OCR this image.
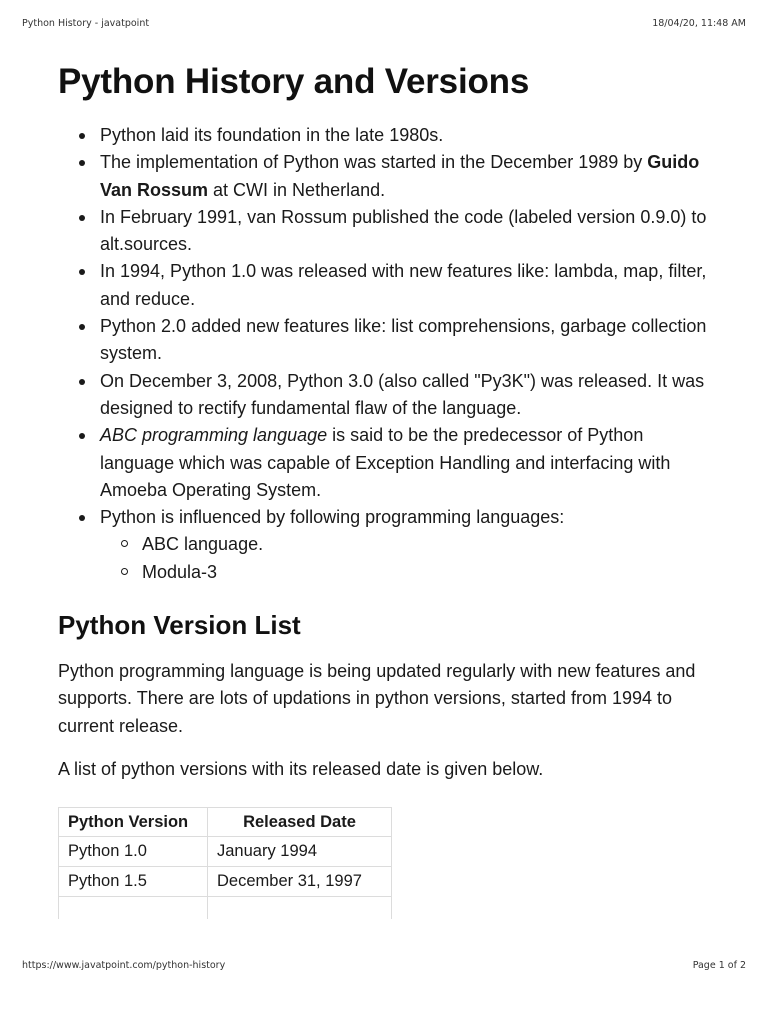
Python History - javatpoint	18/04/20, 11:48 AM
Python History and Versions
Python laid its foundation in the late 1980s.
The implementation of Python was started in the December 1989 by Guido Van Rossum at CWI in Netherland.
In February 1991, van Rossum published the code (labeled version 0.9.0) to alt.sources.
In 1994, Python 1.0 was released with new features like: lambda, map, filter, and reduce.
Python 2.0 added new features like: list comprehensions, garbage collection system.
On December 3, 2008, Python 3.0 (also called "Py3K") was released. It was designed to rectify fundamental flaw of the language.
ABC programming language is said to be the predecessor of Python language which was capable of Exception Handling and interfacing with Amoeba Operating System.
Python is influenced by following programming languages:
ABC language.
Modula-3
Python Version List

Python programming language is being updated regularly with new features and supports. There are lots of updations in python versions, started from 1994 to current release.

A list of python versions with its released date is given below.

Python Version	Released Date
Python 1.0	January 1994
Python 1.5	December 31, 1997

https://www.javatpoint.com/python-history	Page 1 of 2
